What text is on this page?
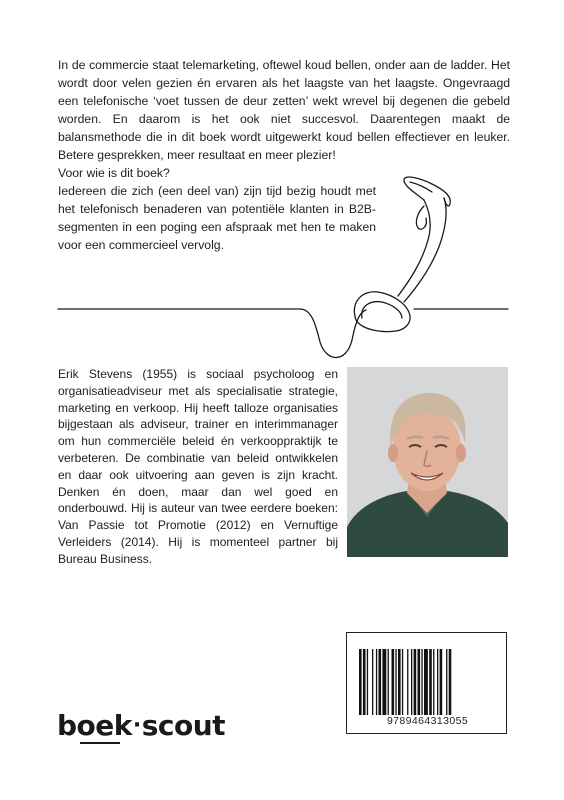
In de commercie staat telemarketing, oftewel koud bellen, onder aan de ladder. Het wordt door velen gezien én ervaren als het laagste van het laagste. Ongevraagd een telefonische ‘voet tussen de deur zetten’ wekt wrevel bij degenen die gebeld worden. En daarom is het ook niet succesvol. Daarentegen maakt de balansmethode die in dit boek wordt uitgewerkt koud bellen effectiever en leuker. Betere gesprekken, meer resultaat en meer plezier!

Voor wie is dit boek?

Iedereen die zich (een deel van) zijn tijd bezig houdt met het telefonisch benaderen van potentiële klanten in B2B-segmenten in een poging een afspraak met hen te maken voor een commercieel vervolg.

Erik Stevens (1955) is sociaal psycholoog en organisatieadviseur met als specialisatie strategie, marketing en verkoop. Hij heeft talloze organisaties bijgestaan als adviseur, trainer en interimmanager om hun commerciële beleid én verkooppraktijk te verbeteren. De combinatie van beleid ontwikkelen en daar ook uitvoering aan geven is zijn kracht. Denken én doen, maar dan wel goed en onderbouwd. Hij is auteur van twee eerdere boeken: Van Passie tot Promotie (2012) en Vernuftige Verleiders (2014). Hij is momenteel partner bij Bureau Business.

9789464313055
boek·scout
